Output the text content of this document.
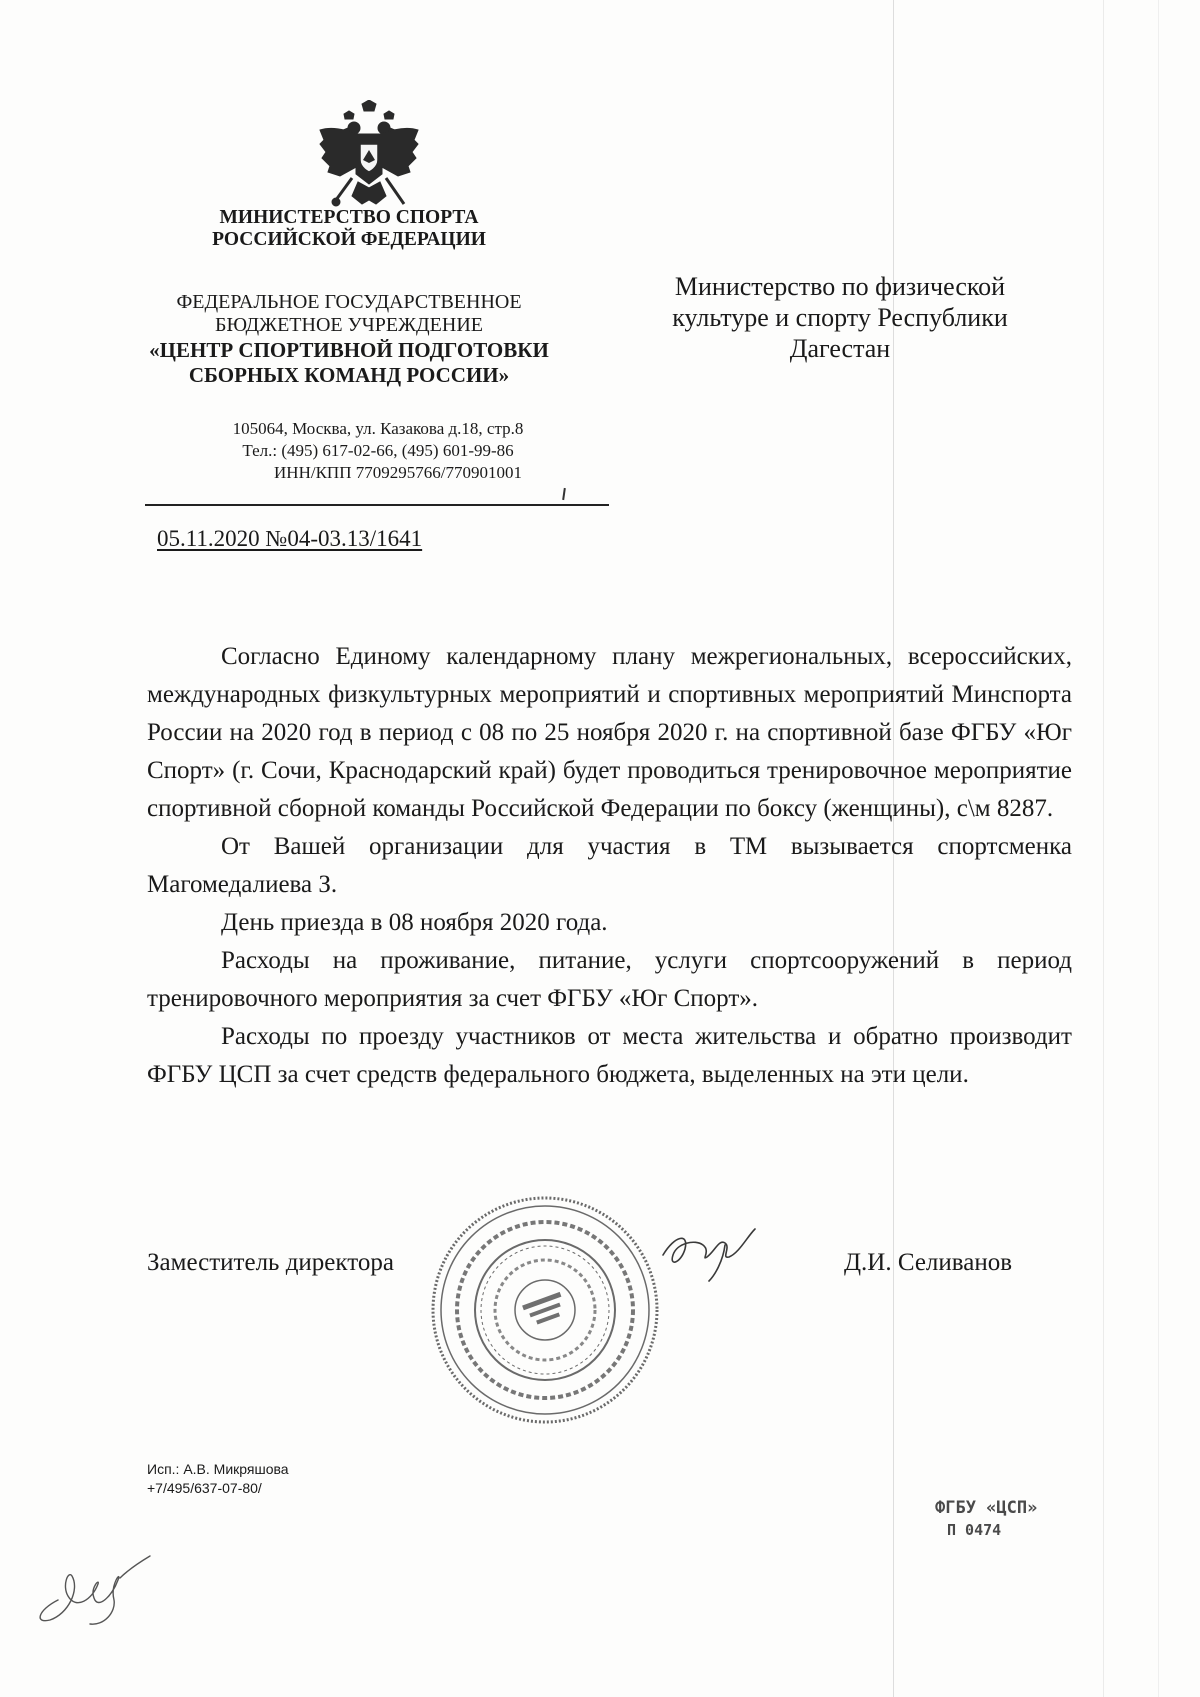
МИНИСТЕРСТВО СПОРТА
РОССИЙСКОЙ ФЕДЕРАЦИИ
ФЕДЕРАЛЬНОЕ ГОСУДАРСТВЕННОЕ
БЮДЖЕТНОЕ УЧРЕЖДЕНИЕ
«ЦЕНТР СПОРТИВНОЙ ПОДГОТОВКИ
СБОРНЫХ КОМАНД РОССИИ»
105064, Москва, ул. Казакова д.18, стр.8
Тел.: (495) 617-02-66, (495) 601-99-86
ИНН/КПП 7709295766/770901001
Министерство по физической
культуре и спорту Республики
Дагестан
05.11.2020 №04-03.13/1641

Согласно Единому календарному плану межрегиональных, всероссийских, международных физкультурных мероприятий и спортивных мероприятий Минспорта России на 2020 год в период с 08 по 25 ноября 2020 г. на спортивной базе ФГБУ «Юг Спорт» (г. Сочи, Краснодарский край) будет проводиться тренировочное мероприятие спортивной сборной команды Российской Федерации по боксу (женщины), с\м 8287.

От Вашей организации для участия в ТМ вызывается спортсменка Магомедалиева З.

День приезда в 08 ноября 2020 года.

Расходы на проживание, питание, услуги спортсооружений в период тренировочного мероприятия за счет ФГБУ «Юг Спорт».

Расходы по проезду участников от места жительства и обратно производит ФГБУ ЦСП за счет средств федерального бюджета, выделенных на эти цели.

Заместитель директора	Д.И. Селиванов
Исп.: А.В. Микряшова
+7/495/637-07-80/
ФГБУ «ЦСП»
П 0474
